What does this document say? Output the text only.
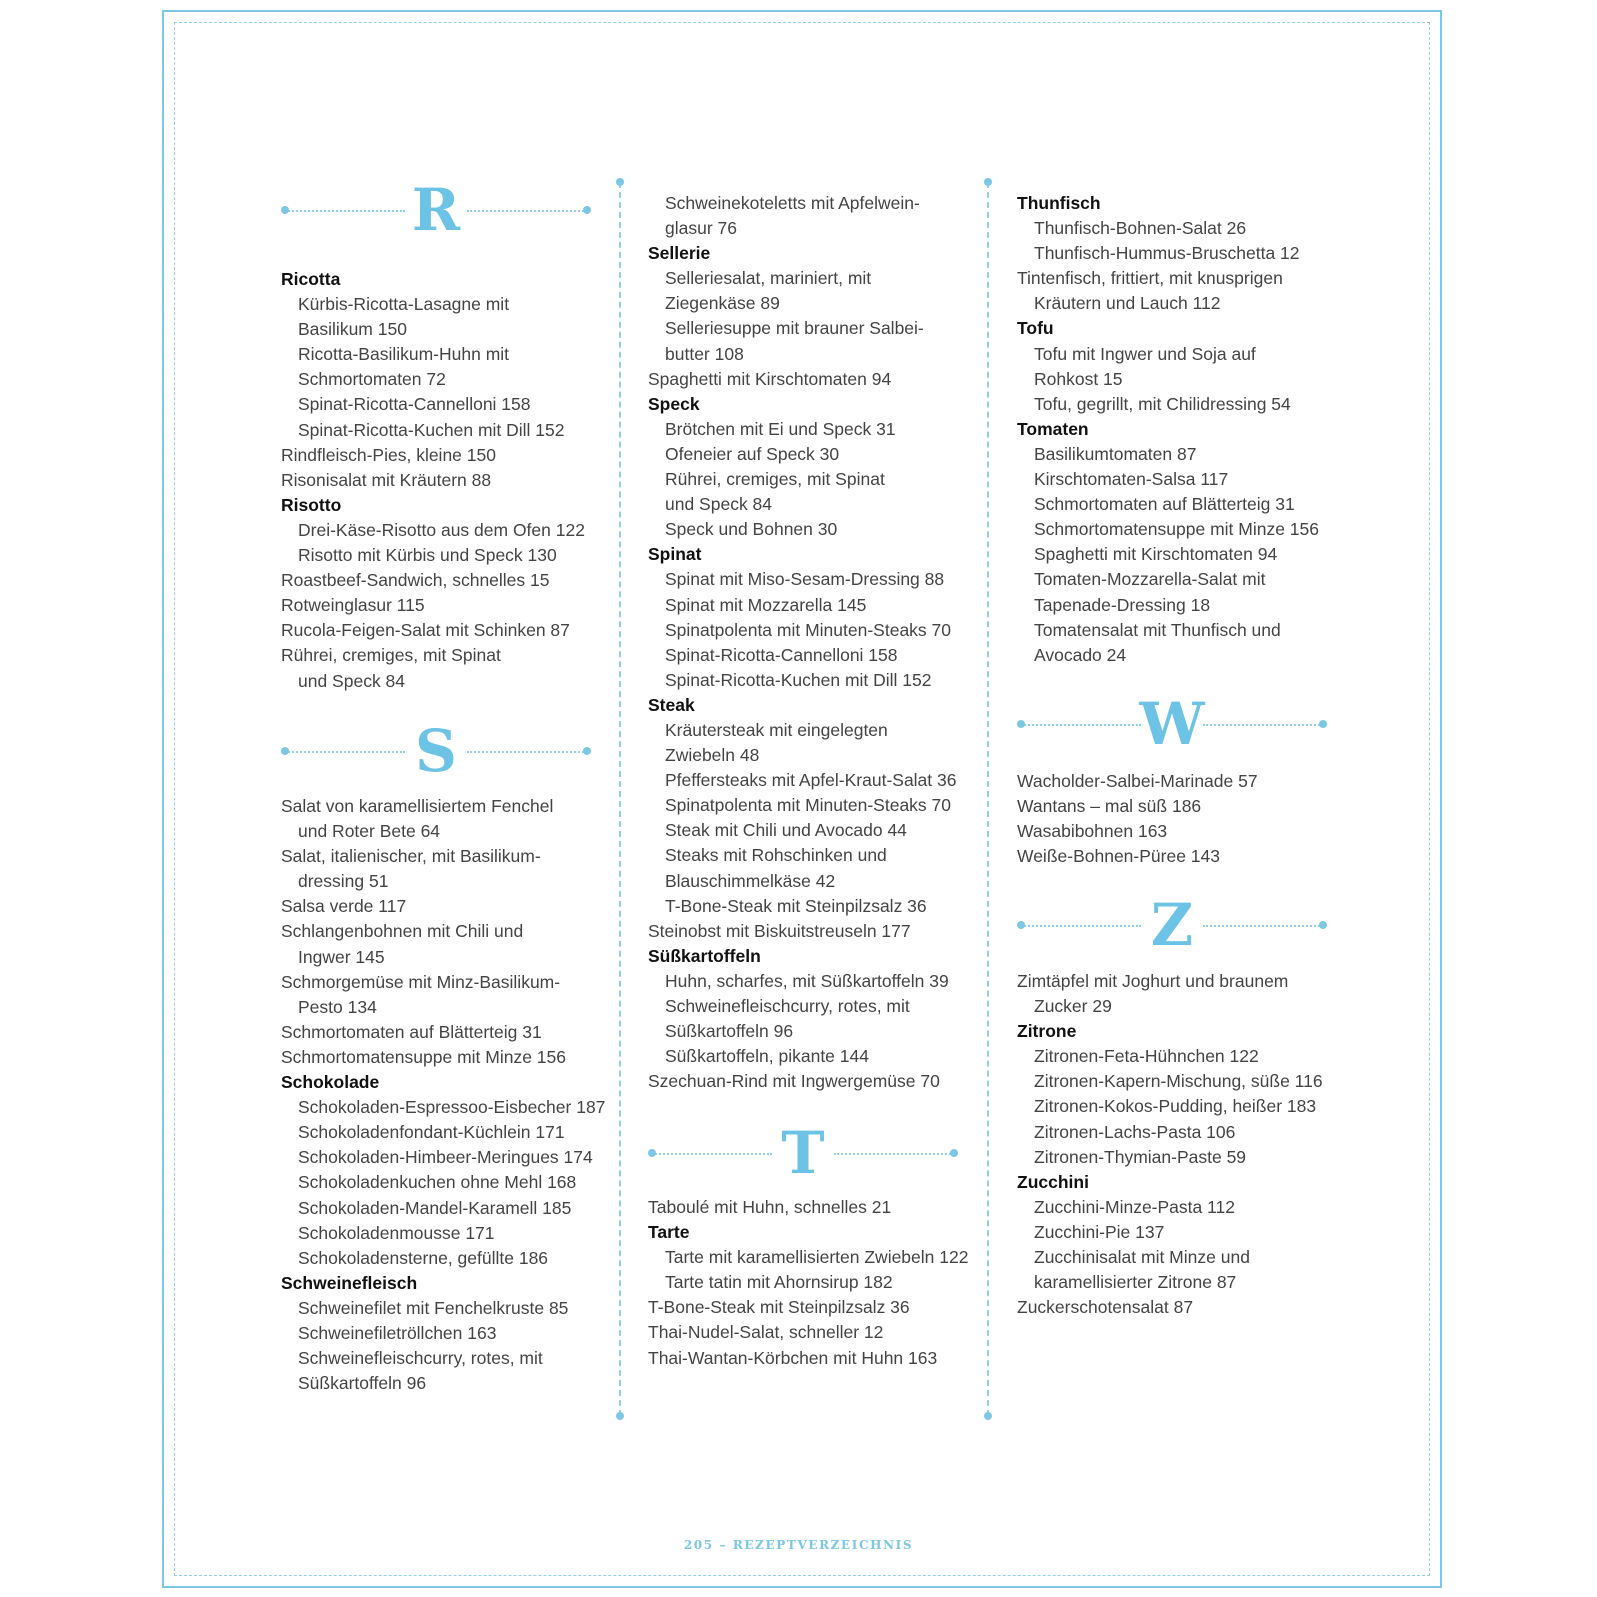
R
Ricotta
Kürbis-Ricotta-Lasagne mit
Basilikum 150
Ricotta-Basilikum-Huhn mit
Schmortomaten 72
Spinat-Ricotta-Cannelloni 158
Spinat-Ricotta-Kuchen mit Dill 152
Rindfleisch-Pies, kleine 150
Risonisalat mit Kräutern 88
Risotto
Drei-Käse-Risotto aus dem Ofen 122
Risotto mit Kürbis und Speck 130
Roastbeef-Sandwich, schnelles 15
Rotweinglasur 115
Rucola-Feigen-Salat mit Schinken 87
Rührei, cremiges, mit Spinat
und Speck 84
S
Salat von karamellisiertem Fenchel
und Roter Bete 64
Salat, italienischer, mit Basilikum-
dressing 51
Salsa verde 117
Schlangenbohnen mit Chili und
Ingwer 145
Schmorgemüse mit Minz-Basilikum-
Pesto 134
Schmortomaten auf Blätterteig 31
Schmortomatensuppe mit Minze 156
Schokolade
Schokoladen-Espressoo-Eisbecher 187
Schokoladenfondant-Küchlein 171
Schokoladen-Himbeer-Meringues 174
Schokoladenkuchen ohne Mehl 168
Schokoladen-Mandel-Karamell 185
Schokoladenmousse 171
Schokoladensterne, gefüllte 186
Schweinefleisch
Schweinefilet mit Fenchelkruste 85
Schweinefiletröllchen 163
Schweinefleischcurry, rotes, mit
Süßkartoffeln 96
Schweinekoteletts mit Apfelwein-
glasur 76
Sellerie
Selleriesalat, mariniert, mit
Ziegenkäse 89
Selleriesuppe mit brauner Salbei-
butter 108
Spaghetti mit Kirschtomaten 94
Speck
Brötchen mit Ei und Speck 31
Ofeneier auf Speck 30
Rührei, cremiges, mit Spinat
und Speck 84
Speck und Bohnen 30
Spinat
Spinat mit Miso-Sesam-Dressing 88
Spinat mit Mozzarella 145
Spinatpolenta mit Minuten-Steaks 70
Spinat-Ricotta-Cannelloni 158
Spinat-Ricotta-Kuchen mit Dill 152
Steak
Kräutersteak mit eingelegten
Zwiebeln 48
Pfeffersteaks mit Apfel-Kraut-Salat 36
Spinatpolenta mit Minuten-Steaks 70
Steak mit Chili und Avocado 44
Steaks mit Rohschinken und
Blauschimmelkäse 42
T-Bone-Steak mit Steinpilzsalz 36
Steinobst mit Biskuitstreuseln 177
Süßkartoffeln
Huhn, scharfes, mit Süßkartoffeln 39
Schweinefleischcurry, rotes, mit
Süßkartoffeln 96
Süßkartoffeln, pikante 144
Szechuan-Rind mit Ingwergemüse 70
T
Taboulé mit Huhn, schnelles 21
Tarte
Tarte mit karamellisierten Zwiebeln 122
Tarte tatin mit Ahornsirup 182
T-Bone-Steak mit Steinpilzsalz 36
Thai-Nudel-Salat, schneller 12
Thai-Wantan-Körbchen mit Huhn 163
Thunfisch
Thunfisch-Bohnen-Salat 26
Thunfisch-Hummus-Bruschetta 12
Tintenfisch, frittiert, mit knusprigen
Kräutern und Lauch 112
Tofu
Tofu mit Ingwer und Soja auf
Rohkost 15
Tofu, gegrillt, mit Chilidressing 54
Tomaten
Basilikumtomaten 87
Kirschtomaten-Salsa 117
Schmortomaten auf Blätterteig 31
Schmortomatensuppe mit Minze 156
Spaghetti mit Kirschtomaten 94
Tomaten-Mozzarella-Salat mit
Tapenade-Dressing 18
Tomatensalat mit Thunfisch und
Avocado 24
W
Wacholder-Salbei-Marinade 57
Wantans – mal süß 186
Wasabibohnen 163
Weiße-Bohnen-Püree 143
Z
Zimtäpfel mit Joghurt und braunem
Zucker 29
Zitrone
Zitronen-Feta-Hühnchen 122
Zitronen-Kapern-Mischung, süße 116
Zitronen-Kokos-Pudding, heißer 183
Zitronen-Lachs-Pasta 106
Zitronen-Thymian-Paste 59
Zucchini
Zucchini-Minze-Pasta 112
Zucchini-Pie 137
Zucchinisalat mit Minze und
karamellisierter Zitrone 87
Zuckerschotensalat 87
205 – REZEPTVERZEICHNIS
